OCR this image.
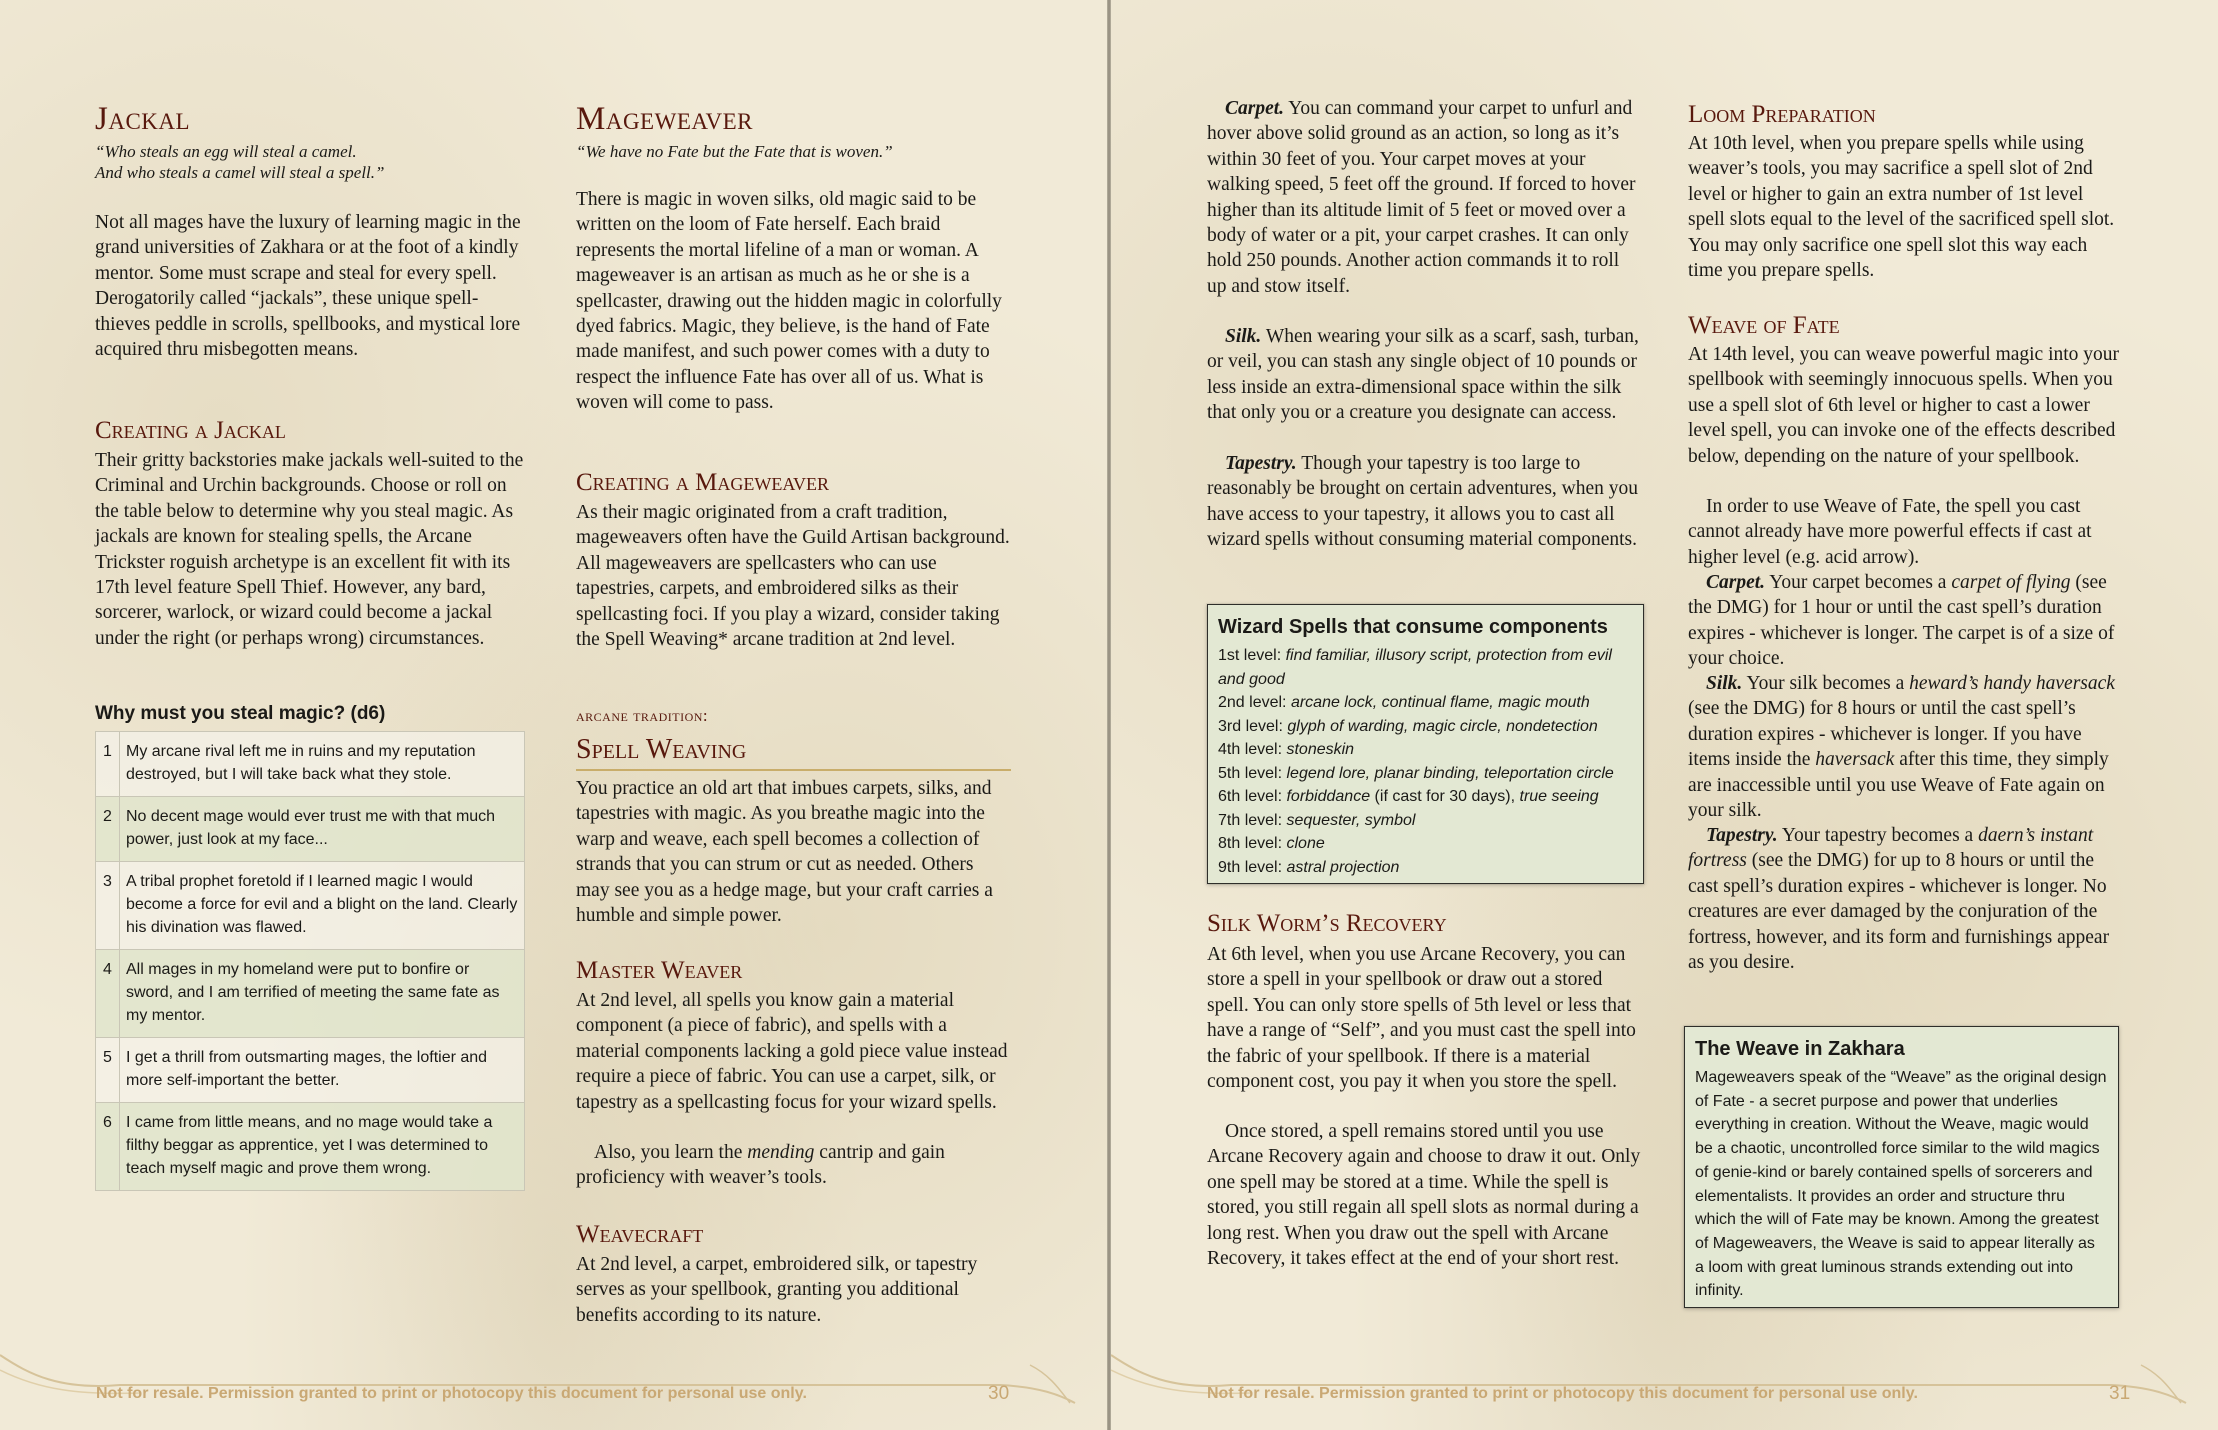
Jackal
“Who steals an egg will steal a camel.
And who steals a camel will steal a spell.”

Not all mages have the luxury of learning magic in the grand universities of Zakhara or at the foot of a kindly mentor. Some must scrape and steal for every spell. Derogatorily called “jackals”, these unique spell-thieves peddle in scrolls, spellbooks, and mystical lore acquired thru misbegotten means.

Creating a Jackal

Their gritty backstories make jackals well-suited to the Criminal and Urchin backgrounds. Choose or roll on the table below to determine why you steal magic. As jackals are known for stealing spells, the Arcane Trickster roguish archetype is an excellent fit with its 17th level feature Spell Thief. However, any bard, sorcerer, warlock, or wizard could become a jackal under the right (or perhaps wrong) circumstances.

Why must you steal magic? (d6)
1	My arcane rival left me in ruins and my reputation destroyed, but I will take back what they stole.
2	No decent mage would ever trust me with that much power, just look at my face...
3	A tribal prophet foretold if I learned magic I would become a force for evil and a blight on the land. Clearly his divination was flawed.
4	All mages in my homeland were put to bonfire or sword, and I am terrified of meeting the same fate as my mentor.
5	I get a thrill from outsmarting mages, the loftier and more self-important the better.
6	I came from little means, and no mage would take a filthy beggar as apprentice, yet I was determined to teach myself magic and prove them wrong.
Mageweaver
“We have no Fate but the Fate that is woven.”

There is magic in woven silks, old magic said to be written on the loom of Fate herself. Each braid represents the mortal lifeline of a man or woman. A mageweaver is an artisan as much as he or she is a spellcaster, drawing out the hidden magic in colorfully dyed fabrics. Magic, they believe, is the hand of Fate made manifest, and such power comes with a duty to respect the influence Fate has over all of us. What is woven will come to pass.

Creating a Mageweaver

As their magic originated from a craft tradition, mageweavers often have the Guild Artisan background. All mageweavers are spellcasters who can use tapestries, carpets, and embroidered silks as their spellcasting foci. If you play a wizard, consider taking the Spell Weaving* arcane tradition at 2nd level.

arcane tradition:
Spell Weaving

You practice an old art that imbues carpets, silks, and tapestries with magic. As you breathe magic into the warp and weave, each spell becomes a collection of strands that you can strum or cut as needed. Others may see you as a hedge mage, but your craft carries a humble and simple power.

Master Weaver

At 2nd level, all spells you know gain a material component (a piece of fabric), and spells with a material components lacking a gold piece value instead require a piece of fabric. You can use a carpet, silk, or tapestry as a spellcasting focus for your wizard spells.

Also, you learn the mending cantrip and gain proficiency with weaver’s tools.

Weavecraft

At 2nd level, a carpet, embroidered silk, or tapestry serves as your spellbook, granting you additional benefits according to its nature.

Not for resale. Permission granted to print or photocopy this document for personal use only.	30

Carpet. You can command your carpet to unfurl and hover above solid ground as an action, so long as it’s within 30 feet of you. Your carpet moves at your walking speed, 5 feet off the ground. If forced to hover higher than its altitude limit of 5 feet or moved over a body of water or a pit, your carpet crashes. It can only hold 250 pounds. Another action commands it to roll up and stow itself.

Silk. When wearing your silk as a scarf, sash, turban, or veil, you can stash any single object of 10 pounds or less inside an extra-dimensional space within the silk that only you or a creature you designate can access.

Tapestry. Though your tapestry is too large to reasonably be brought on certain adventures, when you have access to your tapestry, it allows you to cast all wizard spells without consuming material components.

Wizard Spells that consume components
1st level: find familiar, illusory script, protection from evil and good
2nd level: arcane lock, continual flame, magic mouth
3rd level: glyph of warding, magic circle, nondetection
4th level: stoneskin
5th level: legend lore, planar binding, teleportation circle
6th level: forbiddance (if cast for 30 days), true seeing
7th level: sequester, symbol
8th level: clone
9th level: astral projection
Silk Worm’s Recovery

At 6th level, when you use Arcane Recovery, you can store a spell in your spellbook or draw out a stored spell. You can only store spells of 5th level or less that have a range of “Self”, and you must cast the spell into the fabric of your spellbook. If there is a material component cost, you pay it when you store the spell.

Once stored, a spell remains stored until you use Arcane Recovery again and choose to draw it out. Only one spell may be stored at a time. While the spell is stored, you still regain all spell slots as normal during a long rest. When you draw out the spell with Arcane Recovery, it takes effect at the end of your short rest.

Loom Preparation

At 10th level, when you prepare spells while using weaver’s tools, you may sacrifice a spell slot of 2nd level or higher to gain an extra number of 1st level spell slots equal to the level of the sacrificed spell slot. You may only sacrifice one spell slot this way each time you prepare spells.

Weave of Fate

At 14th level, you can weave powerful magic into your spellbook with seemingly innocuous spells. When you use a spell slot of 6th level or higher to cast a lower level spell, you can invoke one of the effects described below, depending on the nature of your spellbook.

In order to use Weave of Fate, the spell you cast cannot already have more powerful effects if cast at higher level (e.g. acid arrow).

Carpet. Your carpet becomes a carpet of flying (see the DMG) for 1 hour or until the cast spell’s duration expires - whichever is longer. The carpet is of a size of your choice.

Silk. Your silk becomes a heward’s handy haversack (see the DMG) for 8 hours or until the cast spell’s duration expires - whichever is longer. If you have items inside the haversack after this time, they simply are inaccessible until you use Weave of Fate again on your silk.

Tapestry. Your tapestry becomes a daern’s instant fortress (see the DMG) for up to 8 hours or until the cast spell’s duration expires - whichever is longer. No creatures are ever damaged by the conjuration of the fortress, however, and its form and furnishings appear as you desire.

The Weave in Zakhara

Mageweavers speak of the “Weave” as the original design of Fate - a secret purpose and power that underlies everything in creation. Without the Weave, magic would be a chaotic, uncontrolled force similar to the wild magics of genie-kind or barely contained spells of sorcerers and elementalists. It provides an order and structure thru which the will of Fate may be known. Among the greatest of Mageweavers, the Weave is said to appear literally as a loom with great luminous strands extending out into infinity.

Not for resale. Permission granted to print or photocopy this document for personal use only.	31
